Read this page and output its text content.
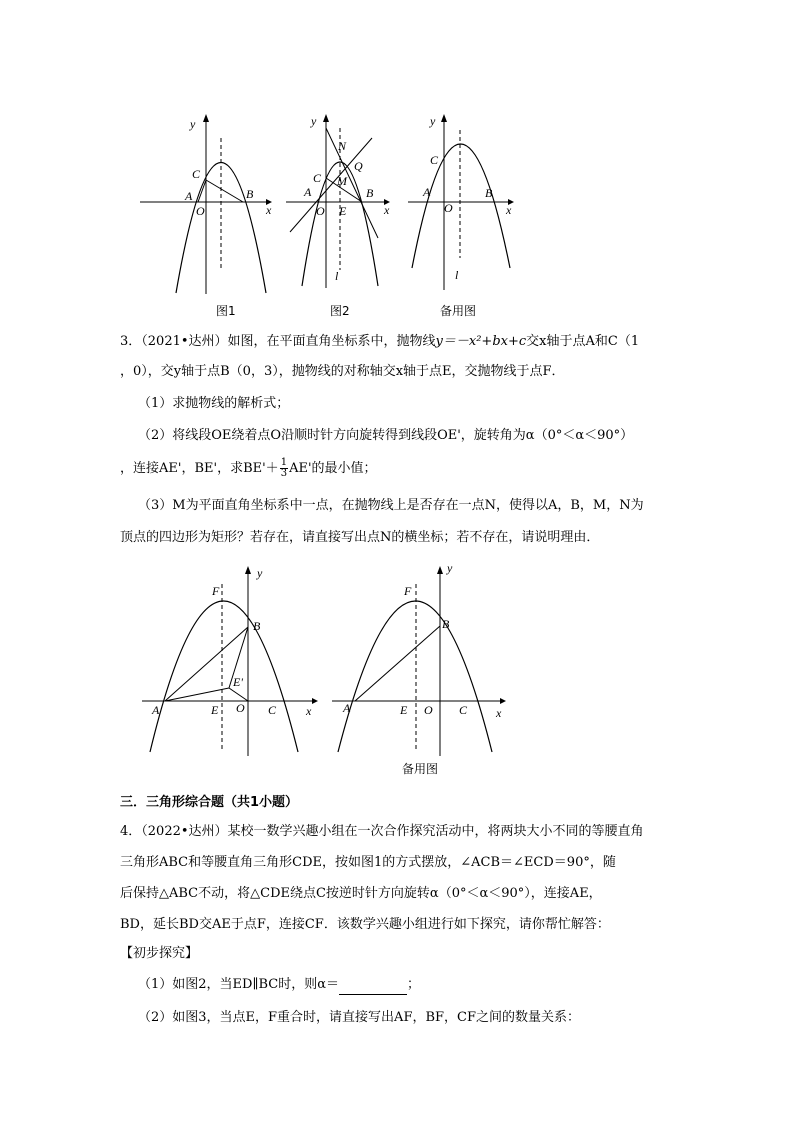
y
x
C
A
O
B
图1
y
x
N
Q
C M
A
O E
B
l
图2
y
x
C
A
O
B
l
备用图
3．（2021•达州）如图，在平面直角坐标系中，抛物线y＝－x²+bx+c交x轴于点A和C（1
，0），交y轴于点B（0，3），抛物线的对称轴交x轴于点E，交抛物线于点F．
（1）求抛物线的解析式；
（2）将线段OE绕着点O沿顺时针方向旋转得到线段OE'，旋转角为α（0°＜α＜90°）
，连接AE'，BE'，求$BE'+ \frac{1}{3} AE'$的最小值；
（3）M为平面直角坐标系中一点，在抛物线上是否存在一点N，使得以A，B，M，N为
顶点的四边形为矩形？若存在，请直接写出点N的横坐标；若不存在，请说明理由．
F
y
B
E'
A	E O C x
F
y
B
A	E O C x
备用图
三．三角形综合题（共1小题）
4．（2022•达州）某校一数学兴趣小组在一次合作探究活动中，将两块大小不同的等腰直角
三角形ABC和等腰直角三角形CDE，按如图1的方式摆放，∠ACB＝∠ECD＝90°，随
后保持△ABC不动，将△CDE绕点C按逆时针方向旋转α（0°＜α＜90°），连接AE，
BD，延长BD交AE于点F，连接CF．该数学兴趣小组进行如下探究，请你帮忙解答：
【初步探究】
（1）如图2，当ED∥BC时，则α＝	；
（2）如图3，当点E，F重合时，请直接写出AF，BF，CF之间的数量关系：
